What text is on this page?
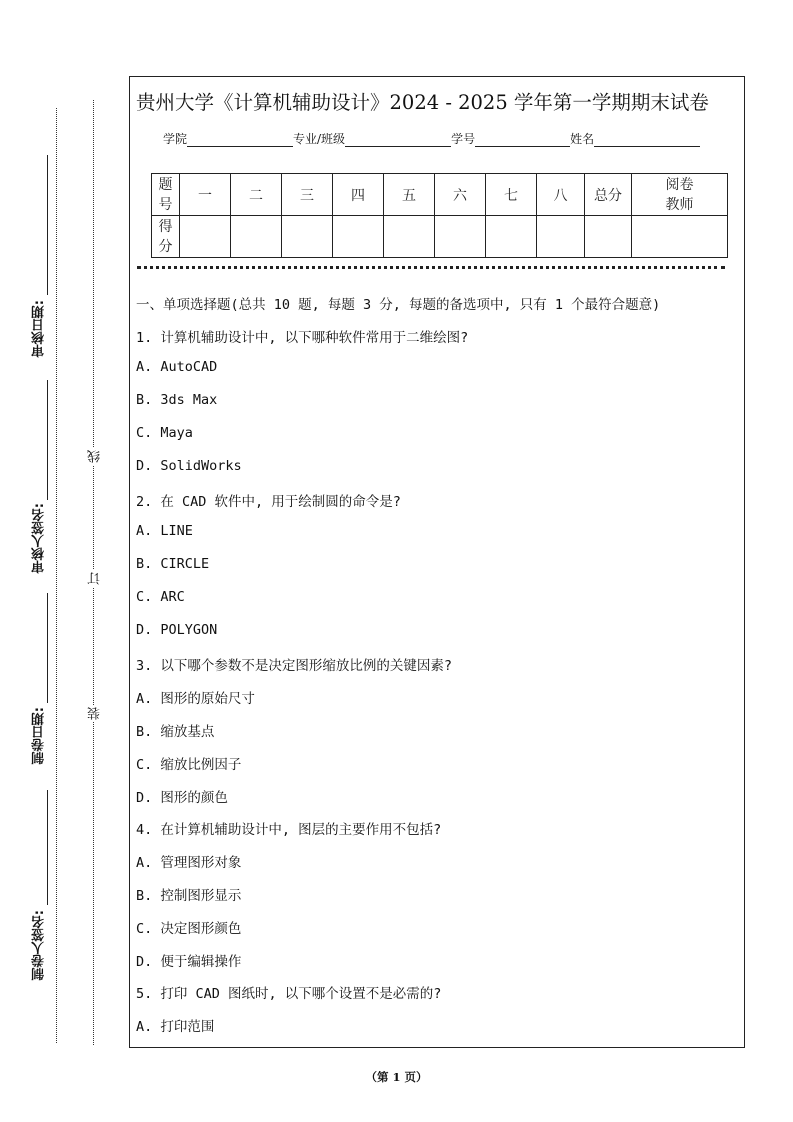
审核日期:
审核人签名:
制卷日期:
制卷人签名:
线
订
装
贵州大学《计算机辅助设计》2024 - 2025 学年第一学期期末试卷
学院	专业/班级	学号	姓名
题号	一	二	三	四	五	六	七	八	总分	阅卷教师
得分										
一、单项选择题(总共 10 题, 每题 3 分, 每题的备选项中, 只有 1 个最符合题意)
1. 计算机辅助设计中, 以下哪种软件常用于二维绘图?
A. AutoCAD
B. 3ds Max
C. Maya
D. SolidWorks
2. 在 CAD 软件中, 用于绘制圆的命令是?
A. LINE
B. CIRCLE
C. ARC
D. POLYGON
3. 以下哪个参数不是决定图形缩放比例的关键因素?
A. 图形的原始尺寸
B. 缩放基点
C. 缩放比例因子
D. 图形的颜色
4. 在计算机辅助设计中, 图层的主要作用不包括?
A. 管理图形对象
B. 控制图形显示
C. 决定图形颜色
D. 便于编辑操作
5. 打印 CAD 图纸时, 以下哪个设置不是必需的?
A. 打印范围
（第 1 页）
